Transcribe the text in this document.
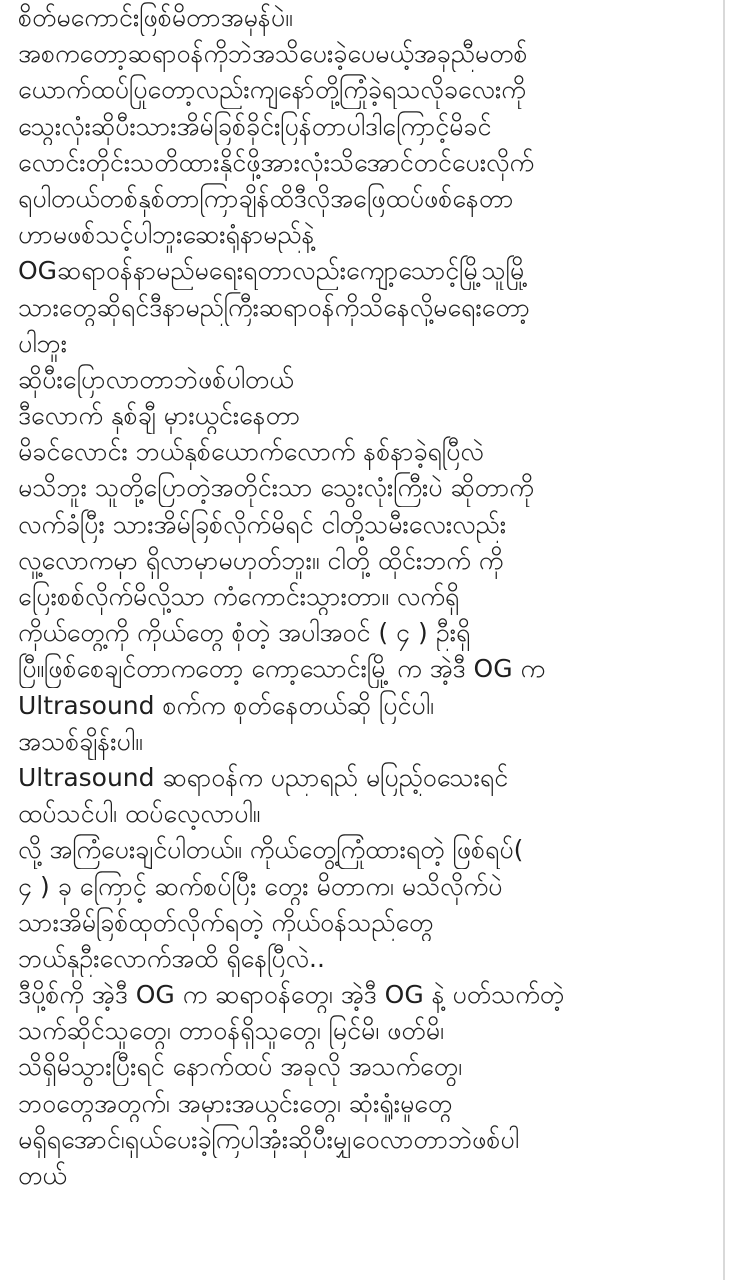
စိတ်မကောင်းဖြစ်မိတာအမှန်ပဲ။
အစကတော့ဆရာဝန်ကိုဘဲအသိပေးခဲ့ပေမယ့်အခုညီမတစ်
ယောက်ထပ်ပြုတော့လည်းကျနော်တို့ကြုံခဲ့ရသလိုခလေးကို
သွေးလုံးဆိုပီးသားအိမ်ခြစ်ခိုင်းပြန်တာပါဒါကြောင့်မိခင်
လောင်းတိုင်းသတိထားနိုင်ဖို့အားလုံးသိအောင်တင်ပေးလိုက်
ရပါတယ်တစ်နှစ်တာကြာချိန်ထိဒီလိုအဖြေထပ်ဖစ်နေတာ
ဟာမဖစ်သင့်ပါဘူးဆေးရုံနာမည်နဲ့
OGဆရာဝန်နာမည်မရေးရတာလည်းကျော့သောင့်မြို့သူမြို့
သားတွေဆိုရင်ဒီနာမည်ကြီးဆရာဝန်ကိုသိနေလို့မရေးတော့
ပါဘူး
ဆိုပီးပြောလာတာဘဲဖစ်ပါတယ်
ဒီလောက် နှစ်ချီ မှားယွင်းနေတာ
မိခင်လောင်း ဘယ်နှစ်ယောက်လောက် နစ်နာခဲ့ရပြီလဲ
မသိဘူး သူတို့ပြောတဲ့အတိုင်းသာ သွေးလုံးကြီးပဲ ဆိုတာကို
လက်ခံပြီး သားအိမ်ခြစ်လိုက်မိရင် ငါတို့သမီးလေးလည်း
လူ့လောကမှာ ရှိလာမှာမဟုတ်ဘူး။ ငါတို့ ထိုင်းဘက် ကို
ပြေးစစ်လိုက်မိလို့သာ ကံကောင်းသွားတာ။ လက်ရှိ
ကိုယ်တွေ့ကို ကိုယ်တွေ စုံတဲ့ အပါအဝင် ( ၄ ) ဦးရှိ
ပြီ။ဖြစ်စေချင်တာကတော့ ကော့သောင်းမြို့ က အဲ့ဒီ OG က
Ultrasound စက်က စုတ်နေတယ်ဆို ပြင်ပါ၊
အသစ်ချိန်းပါ။
Ultrasound ဆရာဝန်က ပညာရည် မပြည့်ဝသေးရင်
ထပ်သင်ပါ၊ ထပ်လေ့လာပါ။
လို့ အကြံပေးချင်ပါတယ်။ ကိုယ်တွေ့ကြုံထားရတဲ့ ဖြစ်ရပ်(
၄ ) ခု ကြောင့် ဆက်စပ်ပြီး တွေး မိတာက၊ မသိလိုက်ပဲ
သားအိမ်ခြစ်ထုတ်လိုက်ရတဲ့ ကိုယ်ဝန်သည်တွေ
ဘယ်နှဦးလောက်အထိ ရှိနေပြီလဲ..
ဒီပို့စ်ကို အဲ့ဒီ OG က ဆရာဝန်တွေ၊ အဲ့ဒီ OG နဲ့ ပတ်သက်တဲ့
သက်ဆိုင်သူတွေ၊ တာဝန်ရှိသူတွေ၊ မြင်မိ၊ ဖတ်မိ၊
သိရှိမိသွားပြီးရင် နောက်ထပ် အခုလို အသက်တွေ၊
ဘဝတွေအတွက်၊ အမှားအယွင်းတွေ၊ ဆုံးရှုံးမှုတွေ
မရှိရအောင်၊ရှယ်ပေးခဲ့ကြပါအုံးဆိုပီးမျှဝေလာတာဘဲဖစ်ပါ
တယ်
